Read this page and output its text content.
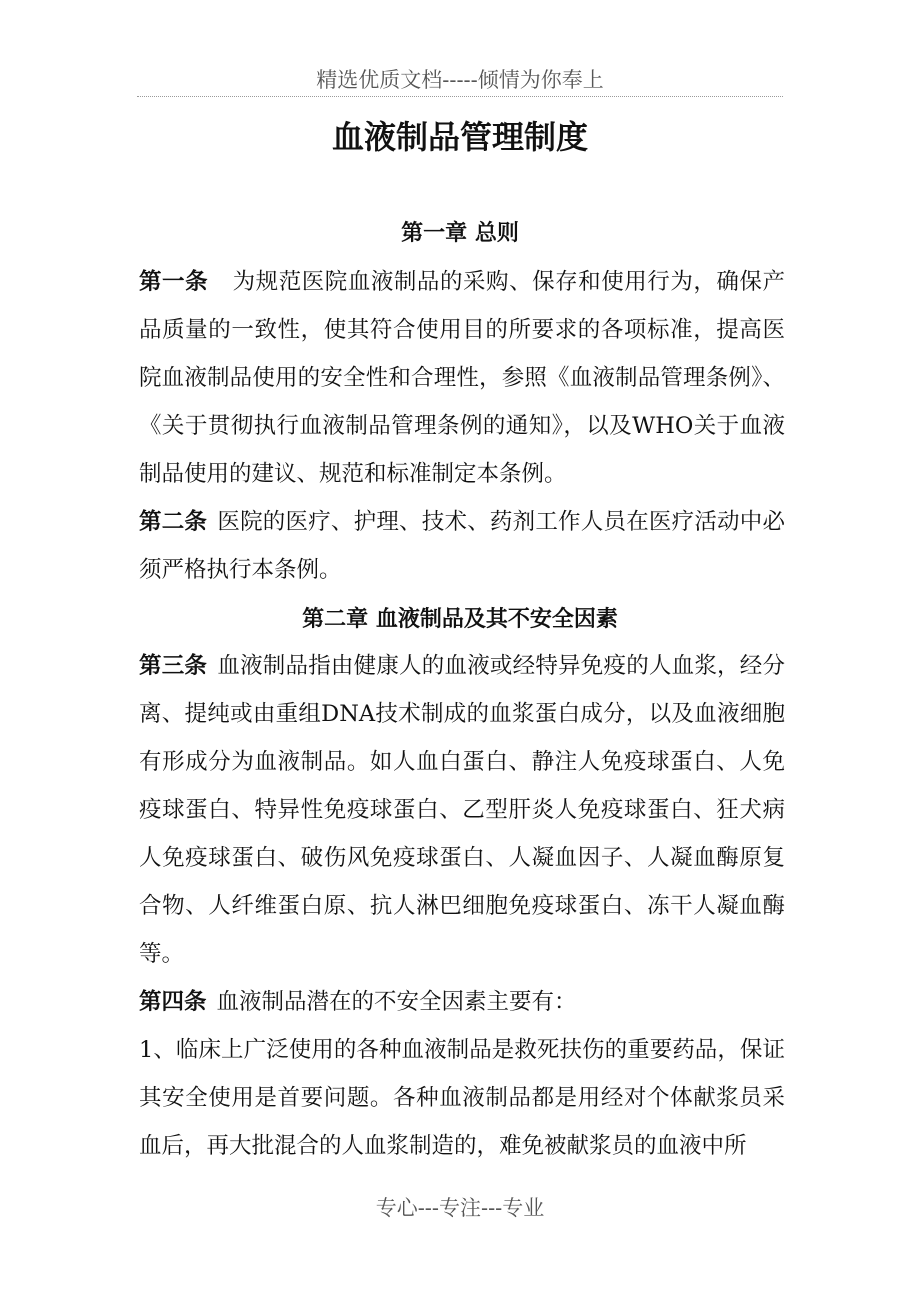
精选优质文档-----倾情为你奉上
血液制品管理制度
第一章 总则
第一条 为规范医院血液制品的采购、保存和使用行为，确保产品质量的一致性，使其符合使用目的所要求的各项标准，提高医院血液制品使用的安全性和合理性，参照《血液制品管理条例》、《关于贯彻执行血液制品管理条例的通知》，以及WHO关于血液制品使用的建议、规范和标准制定本条例。
第二条 医院的医疗、护理、技术、药剂工作人员在医疗活动中必须严格执行本条例。
第二章 血液制品及其不安全因素
第三条 血液制品指由健康人的血液或经特异免疫的人血浆，经分离、提纯或由重组DNA技术制成的血浆蛋白成分，以及血液细胞有形成分为血液制品。如人血白蛋白、静注人免疫球蛋白、人免疫球蛋白、特异性免疫球蛋白、乙型肝炎人免疫球蛋白、狂犬病人免疫球蛋白、破伤风免疫球蛋白、人凝血因子、人凝血酶原复合物、人纤维蛋白原、抗人淋巴细胞免疫球蛋白、冻干人凝血酶等。
第四条 血液制品潜在的不安全因素主要有：
1、临床上广泛使用的各种血液制品是救死扶伤的重要药品，保证其安全使用是首要问题。各种血液制品都是用经对个体献浆员采血后，再大批混合的人血浆制造的，难免被献浆员的血液中所
专心---专注---专业
